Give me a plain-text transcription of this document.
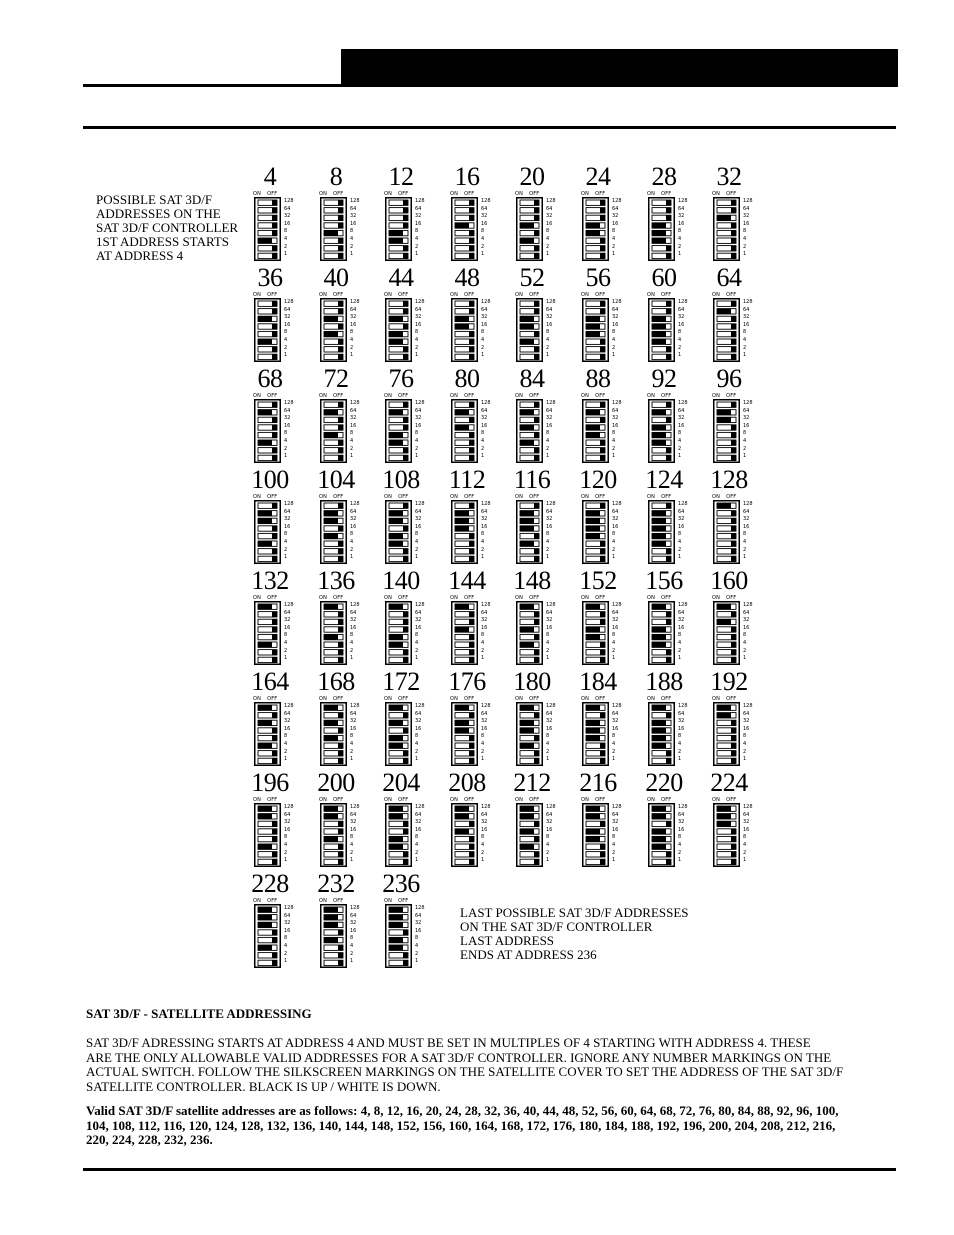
POSSIBLE SAT 3D/F
ADDRESSES ON THE
SAT 3D/F CONTROLLER
1ST ADDRESS STARTS
AT ADDRESS 4
4
ON OFF
128
64
32
16
8
4
2
1
8
ON OFF
128
64
32
16
8
4
2
1
12
ON OFF
128
64
32
16
8
4
2
1
16
ON OFF
128
64
32
16
8
4
2
1
20
ON OFF
128
64
32
16
8
4
2
1
24
ON OFF
128
64
32
16
8
4
2
1
28
ON OFF
128
64
32
16
8
4
2
1
32
ON OFF
128
64
32
16
8
4
2
1
36
ON OFF
128
64
32
16
8
4
2
1
40
ON OFF
128
64
32
16
8
4
2
1
44
ON OFF
128
64
32
16
8
4
2
1
48
ON OFF
128
64
32
16
8
4
2
1
52
ON OFF
128
64
32
16
8
4
2
1
56
ON OFF
128
64
32
16
8
4
2
1
60
ON OFF
128
64
32
16
8
4
2
1
64
ON OFF
128
64
32
16
8
4
2
1
68
ON OFF
128
64
32
16
8
4
2
1
72
ON OFF
128
64
32
16
8
4
2
1
76
ON OFF
128
64
32
16
8
4
2
1
80
ON OFF
128
64
32
16
8
4
2
1
84
ON OFF
128
64
32
16
8
4
2
1
88
ON OFF
128
64
32
16
8
4
2
1
92
ON OFF
128
64
32
16
8
4
2
1
96
ON OFF
128
64
32
16
8
4
2
1
100
ON OFF
128
64
32
16
8
4
2
1
104
ON OFF
128
64
32
16
8
4
2
1
108
ON OFF
128
64
32
16
8
4
2
1
112
ON OFF
128
64
32
16
8
4
2
1
116
ON OFF
128
64
32
16
8
4
2
1
120
ON OFF
128
64
32
16
8
4
2
1
124
ON OFF
128
64
32
16
8
4
2
1
128
ON OFF
128
64
32
16
8
4
2
1
132
ON OFF
128
64
32
16
8
4
2
1
136
ON OFF
128
64
32
16
8
4
2
1
140
ON OFF
128
64
32
16
8
4
2
1
144
ON OFF
128
64
32
16
8
4
2
1
148
ON OFF
128
64
32
16
8
4
2
1
152
ON OFF
128
64
32
16
8
4
2
1
156
ON OFF
128
64
32
16
8
4
2
1
160
ON OFF
128
64
32
16
8
4
2
1
164
ON OFF
128
64
32
16
8
4
2
1
168
ON OFF
128
64
32
16
8
4
2
1
172
ON OFF
128
64
32
16
8
4
2
1
176
ON OFF
128
64
32
16
8
4
2
1
180
ON OFF
128
64
32
16
8
4
2
1
184
ON OFF
128
64
32
16
8
4
2
1
188
ON OFF
128
64
32
16
8
4
2
1
192
ON OFF
128
64
32
16
8
4
2
1
196
ON OFF
128
64
32
16
8
4
2
1
200
ON OFF
128
64
32
16
8
4
2
1
204
ON OFF
128
64
32
16
8
4
2
1
208
ON OFF
128
64
32
16
8
4
2
1
212
ON OFF
128
64
32
16
8
4
2
1
216
ON OFF
128
64
32
16
8
4
2
1
220
ON OFF
128
64
32
16
8
4
2
1
224
ON OFF
128
64
32
16
8
4
2
1
228
ON OFF
128
64
32
16
8
4
2
1
232
ON OFF
128
64
32
16
8
4
2
1
236
ON OFF
128
64
32
16
8
4
2
1
LAST POSSIBLE SAT 3D/F ADDRESSES
ON THE SAT 3D/F CONTROLLER
LAST ADDRESS
ENDS AT ADDRESS 236
SAT 3D/F - SATELLITE ADDRESSING
SAT 3D/F ADRESSING STARTS AT ADDRESS 4 AND MUST BE SET IN MULTIPLES OF 4 STARTING WITH ADDRESS 4. THESE
ARE THE ONLY ALLOWABLE VALID ADDRESSES FOR A SAT 3D/F CONTROLLER. IGNORE ANY NUMBER MARKINGS ON THE
ACTUAL SWITCH. FOLLOW THE SILKSCREEN MARKINGS ON THE SATELLITE COVER TO SET THE ADDRESS OF THE SAT 3D/F
SATELLITE CONTROLLER. BLACK IS UP / WHITE IS DOWN.
Valid SAT 3D/F satellite addresses are as follows: 4, 8, 12, 16, 20, 24, 28, 32, 36, 40, 44, 48, 52, 56, 60, 64, 68, 72, 76, 80, 84, 88, 92, 96, 100,
104, 108, 112, 116, 120, 124, 128, 132, 136, 140, 144, 148, 152, 156, 160, 164, 168, 172, 176, 180, 184, 188, 192, 196, 200, 204, 208, 212, 216,
220, 224, 228, 232, 236.
